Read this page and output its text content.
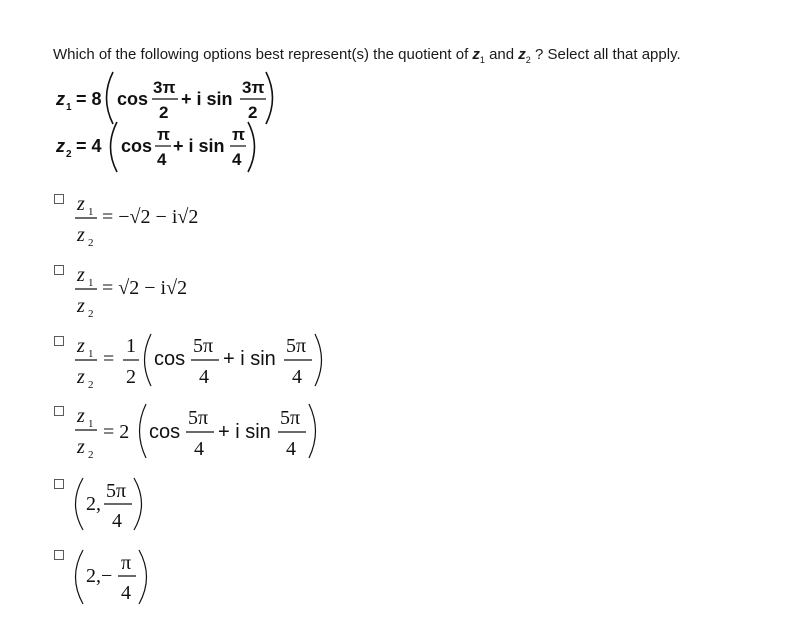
Which of the following options best represent(s) the quotient of $z_1$ and $z_2$ ? Select all that apply.
z 1 = 8 cos
3π
2
+ i sin
3π
2
z 2 = 4 cos
π
4
+ i sin
π
4
z 1
z 2
= −√2 − i√2
z 1
z 2
= √2 − i√2
z 1
z 2
=
1
2
cos
5π
4
+ i sin
5π
4
z 1
z 2
= 2 cos
5π
4
+ i sin
5π
4
2,
5π
4
2,−
π
4
